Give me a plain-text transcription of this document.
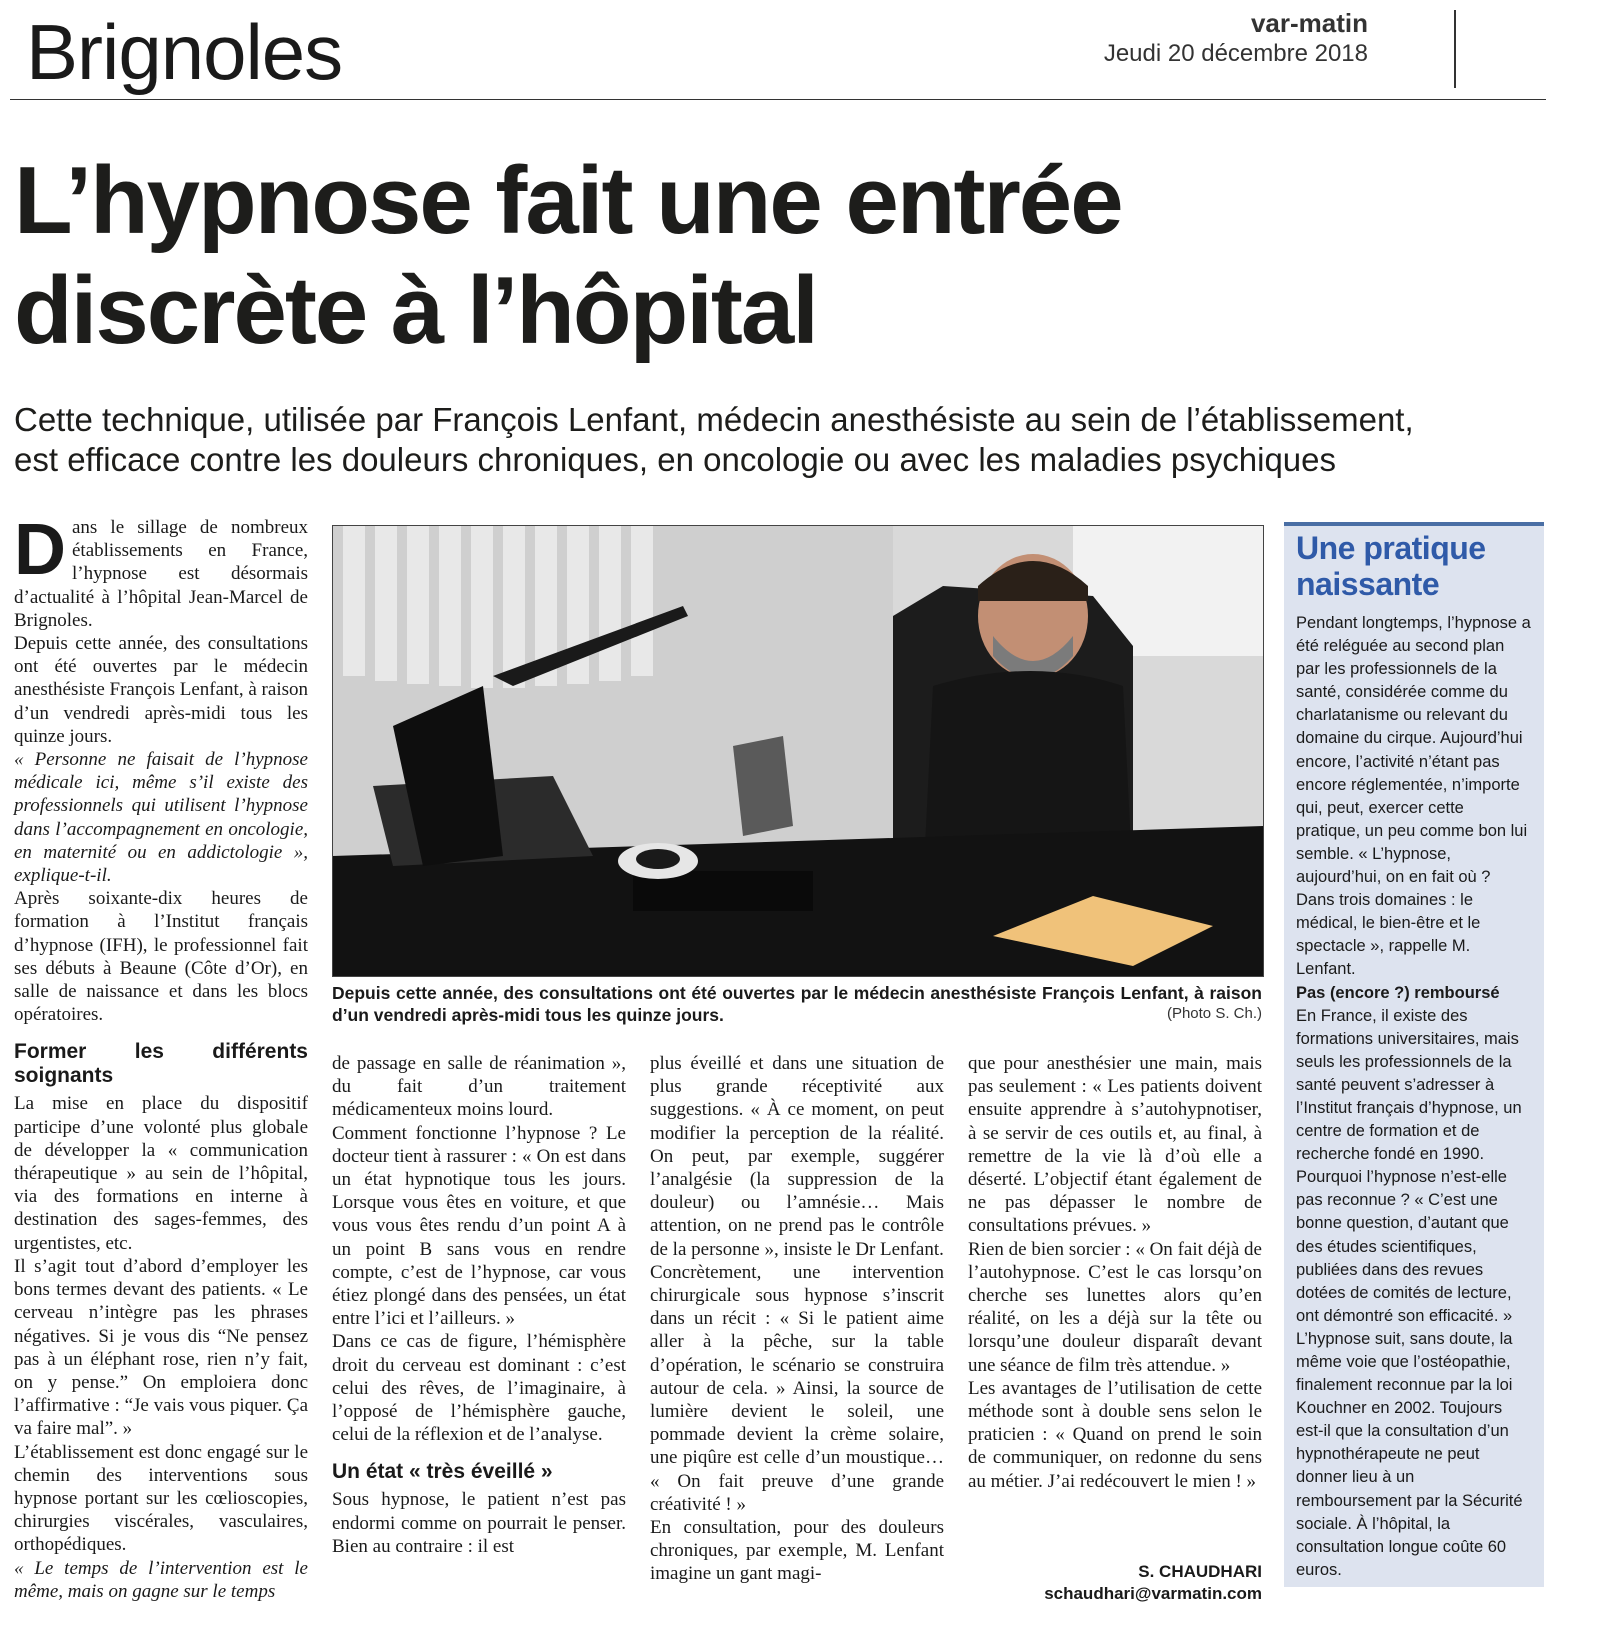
Brignoles	var-matin
Jeudi 20 décembre 2018
L’hypnose fait une entrée
discrète à l’hôpital

Cette technique, utilisée par François Lenfant, médecin anesthésiste au sein de l’établissement,
est efficace contre les douleurs chroniques, en oncologie ou avec les maladies psychiques

Dans le sillage de nombreux établissements en France, l’hypnose est désormais d’actualité à l’hôpital Jean-Marcel de Brignoles.

Depuis cette année, des consultations ont été ouvertes par le médecin anesthésiste François Lenfant, à raison d’un vendredi après-midi tous les quinze jours.

« Personne ne faisait de l’hypnose médicale ici, même s’il existe des professionnels qui utilisent l’hypnose dans l’accompagnement en oncologie, en maternité ou en addictologie », explique-t-il.

Après soixante-dix heures de formation à l’Institut français d’hypnose (IFH), le professionnel fait ses débuts à Beaune (Côte d’Or), en salle de naissance et dans les blocs opératoires.

Former les différents soignants

La mise en place du dispositif participe d’une volonté plus globale de développer la « communication thérapeutique » au sein de l’hôpital, via des formations en interne à destination des sages-femmes, des urgentistes, etc.

Il s’agit tout d’abord d’employer les bons termes devant des patients. « Le cerveau n’intègre pas les phrases négatives. Si je vous dis “Ne pensez pas à un éléphant rose, rien n’y fait, on y pense.” On emploiera donc l’affirmative : “Je vais vous piquer. Ça va faire mal”. »

L’établissement est donc engagé sur le chemin des interventions sous hypnose portant sur les cœlioscopies, chirurgies viscérales, vasculaires, orthopédiques.

« Le temps de l’intervention est le même, mais on gagne sur le temps

Depuis cette année, des consultations ont été ouvertes par le médecin anesthésiste François Lenfant, à raison d’un vendredi après-midi tous les quinze jours.	(Photo S. Ch.)

de passage en salle de réanimation », du fait d’un traitement médicamenteux moins lourd.

Comment fonctionne l’hypnose ? Le docteur tient à rassurer : « On est dans un état hypnotique tous les jours. Lorsque vous êtes en voiture, et que vous vous êtes rendu d’un point A à un point B sans vous en rendre compte, c’est de l’hypnose, car vous étiez plongé dans des pensées, un état entre l’ici et l’ailleurs. »

Dans ce cas de figure, l’hémisphère droit du cerveau est dominant : c’est celui des rêves, de l’imaginaire, à l’opposé de l’hémisphère gauche, celui de la réflexion et de l’analyse.

Un état « très éveillé »

Sous hypnose, le patient n’est pas endormi comme on pourrait le penser. Bien au contraire : il est

plus éveillé et dans une situation de plus grande réceptivité aux suggestions. « À ce moment, on peut modifier la perception de la réalité. On peut, par exemple, suggérer l’analgésie (la suppression de la douleur) ou l’amnésie… Mais attention, on ne prend pas le contrôle de la personne », insiste le Dr Lenfant.

Concrètement, une intervention chirurgicale sous hypnose s’inscrit dans un récit : « Si le patient aime aller à la pêche, sur la table d’opération, le scénario se construira autour de cela. » Ainsi, la source de lumière devient le soleil, une pommade devient la crème solaire, une piqûre est celle d’un moustique… « On fait preuve d’une grande créativité ! »

En consultation, pour des douleurs chroniques, par exemple, M. Lenfant imagine un gant magi-

que pour anesthésier une main, mais pas seulement : « Les patients doivent ensuite apprendre à s’autohypnotiser, à se servir de ces outils et, au final, à remettre de la vie là d’où elle a déserté. L’objectif étant également de ne pas dépasser le nombre de consultations prévues. »

Rien de bien sorcier : « On fait déjà de l’autohypnose. C’est le cas lorsqu’on cherche ses lunettes alors qu’en réalité, on les a déjà sur la tête ou lorsqu’une douleur disparaît devant une séance de film très attendue. »

Les avantages de l’utilisation de cette méthode sont à double sens selon le praticien : « Quand on prend le soin de communiquer, on redonne du sens au métier. J’ai redécouvert le mien ! »

S. CHAUDHARI
schaudhari@varmatin.com
Une pratique naissante

Pendant longtemps, l’hypnose a été reléguée au second plan par les professionnels de la santé, considérée comme du charlatanisme ou relevant du domaine du cirque. Aujourd’hui encore, l’activité n’étant pas encore réglementée, n’importe qui, peut, exercer cette pratique, un peu comme bon lui semble. « L’hypnose, aujourd’hui, on en fait où ? Dans trois domaines : le médical, le bien-être et le spectacle », rappelle M. Lenfant.

Pas (encore ?) remboursé

En France, il existe des formations universitaires, mais seuls les professionnels de la santé peuvent s’adresser à l’Institut français d’hypnose, un centre de formation et de recherche fondé en 1990.

Pourquoi l’hypnose n’est-elle pas reconnue ? « C’est une bonne question, d’autant que des études scientifiques, publiées dans des revues dotées de comités de lecture, ont démontré son efficacité. »

L’hypnose suit, sans doute, la même voie que l’ostéopathie, finalement reconnue par la loi Kouchner en 2002. Toujours est-il que la consultation d’un hypnothérapeute ne peut donner lieu à un remboursement par la Sécurité sociale. À l’hôpital, la consultation longue coûte 60 euros.
